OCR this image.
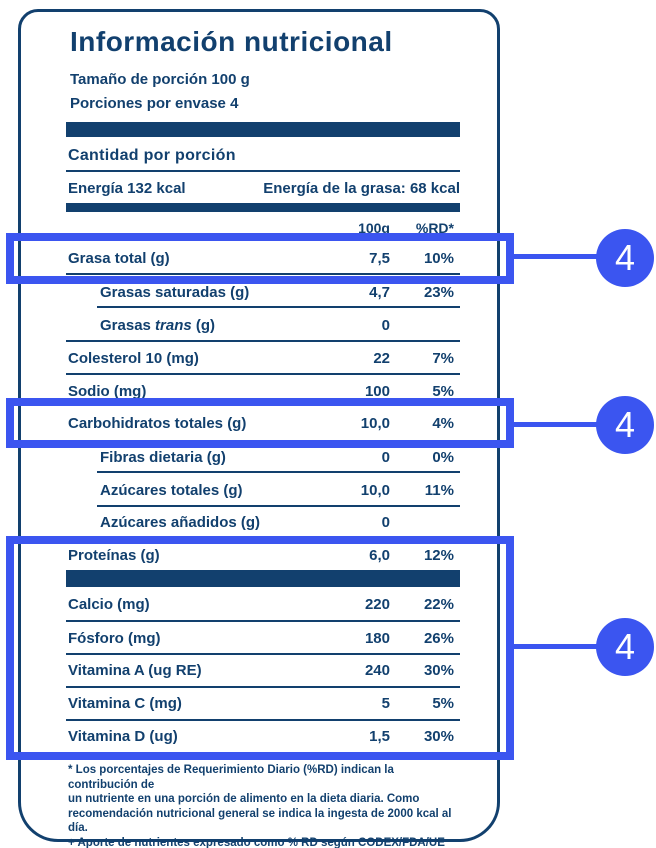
Información nutricional
Tamaño de porción 100 g
Porciones por envase 4
Cantidad por porción
Energía 132 kcal	Energía de la grasa: 68 kcal
100g	%RD*
Grasa total (g)	7,5	10%
Grasas saturadas (g)	4,7	23%
Grasas trans (g)	0
Colesterol 10 (mg)	22	7%
Sodio (mg)	100	5%
Carbohidratos totales (g)	10,0	4%
Fibras dietaria (g)	0	0%
Azúcares totales (g)	10,0	11%
Azúcares añadidos (g)	0
Proteínas (g)	6,0	12%
Calcio (mg)	220	22%
Fósforo (mg)	180	26%
Vitamina A (ug RE)	240	30%
Vitamina C (mg)	5	5%
Vitamina D (ug)	1,5	30%
* Los porcentajes de Requerimiento Diario (%RD) indican la contribución de
un nutriente en una porción de alimento en la dieta diaria. Como
recomendación nutricional general se indica la ingesta de 2000 kcal al día.
+ Aporte de nutrientes expresado como % RD según CODEX/FDA/UE
4
4
4
